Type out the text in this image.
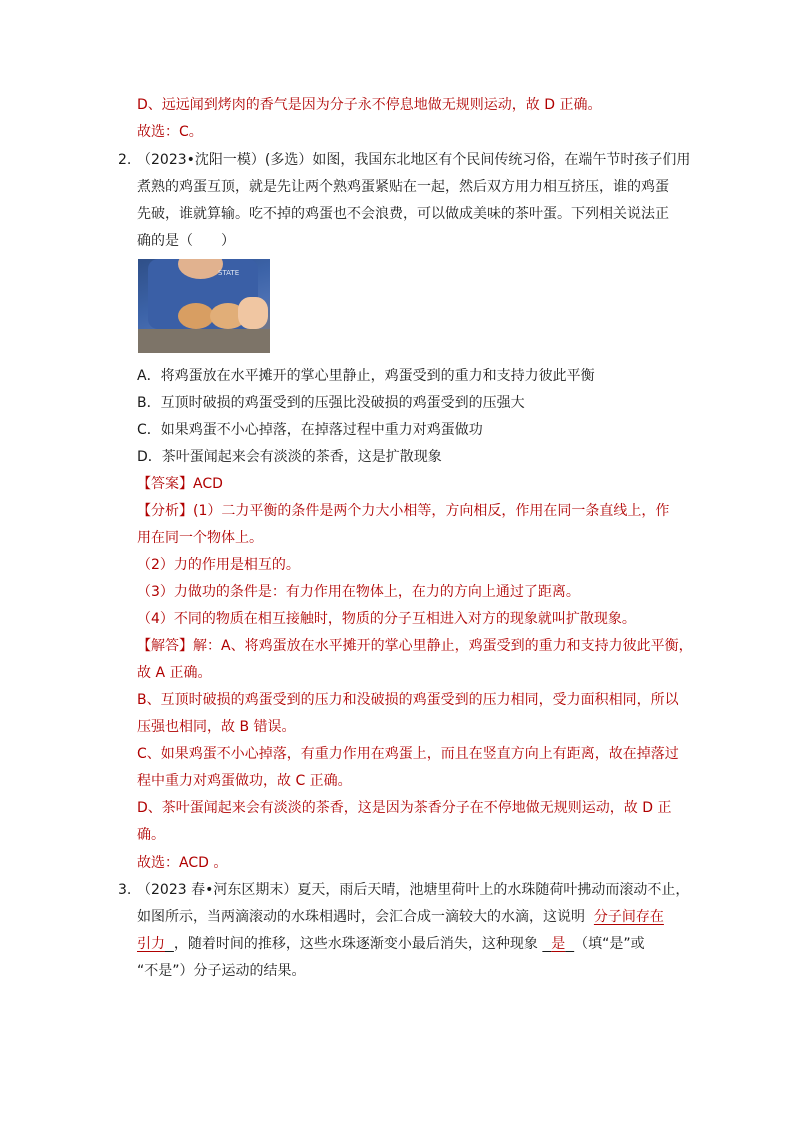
D、远远闻到烤肉的香气是因为分子永不停息地做无规则运动，故 D 正确。
故选：C。
2. （2023•沈阳一模）(多选）如图，我国东北地区有个民间传统习俗，在端午节时孩子们用
煮熟的鸡蛋互顶，就是先让两个熟鸡蛋紧贴在一起，然后双方用力相互挤压，谁的鸡蛋
先破，谁就算输。吃不掉的鸡蛋也不会浪费，可以做成美味的茶叶蛋。下列相关说法正
确的是（　　）
STATE
A．将鸡蛋放在水平摊开的掌心里静止，鸡蛋受到的重力和支持力彼此平衡
B．互顶时破损的鸡蛋受到的压强比没破损的鸡蛋受到的压强大
C．如果鸡蛋不小心掉落，在掉落过程中重力对鸡蛋做功
D．茶叶蛋闻起来会有淡淡的茶香，这是扩散现象
【答案】ACD
【分析】(1）二力平衡的条件是两个力大小相等，方向相反，作用在同一条直线上，作
用在同一个物体上。
（2）力的作用是相互的。
（3）力做功的条件是：有力作用在物体上，在力的方向上通过了距离。
（4）不同的物质在相互接触时，物质的分子互相进入对方的现象就叫扩散现象。
【解答】解：A、将鸡蛋放在水平摊开的掌心里静止，鸡蛋受到的重力和支持力彼此平衡，
故 A 正确。
B、互顶时破损的鸡蛋受到的压力和没破损的鸡蛋受到的压力相同，受力面积相同，所以
压强也相同，故 B 错误。
C、如果鸡蛋不小心掉落，有重力作用在鸡蛋上，而且在竖直方向上有距离，故在掉落过
程中重力对鸡蛋做功，故 C 正确。
D、茶叶蛋闻起来会有淡淡的茶香，这是因为茶香分子在不停地做无规则运动，故 D 正
确。
故选：ACD 。
3. （2023 春•河东区期末）夏天，雨后天晴，池塘里荷叶上的水珠随荷叶拂动而滚动不止，
如图所示，当两滴滚动的水珠相遇时，会汇合成一滴较大的水滴，这说明 分子间存在
引力 ，随着时间的推移，这些水珠逐渐变小最后消失，这种现象 是 （填“是”或
“不是”）分子运动的结果。
